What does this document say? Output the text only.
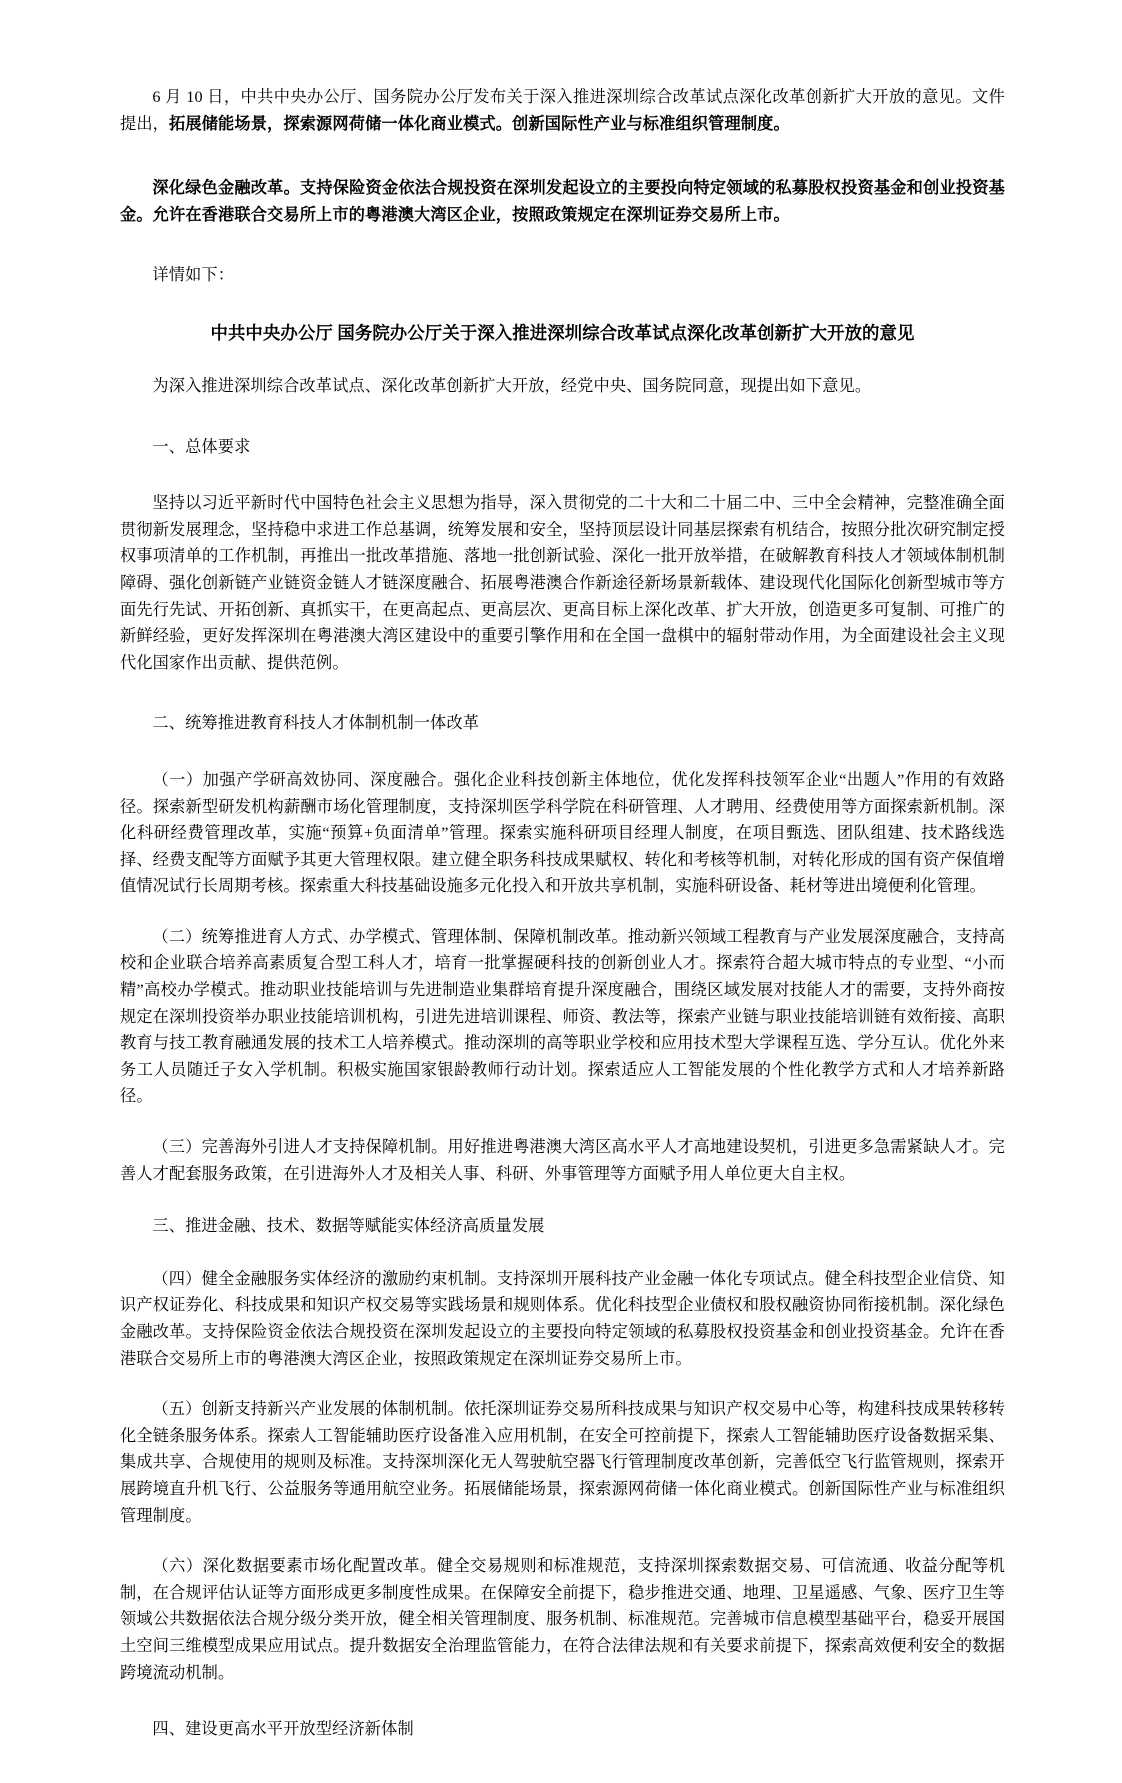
6 月 10 日，中共中央办公厅、国务院办公厅发布关于深入推进深圳综合改革试点深化改革创新扩大开放的意见。文件提出，拓展储能场景，探索源网荷储一体化商业模式。创新国际性产业与标准组织管理制度。

深化绿色金融改革。支持保险资金依法合规投资在深圳发起设立的主要投向特定领域的私募股权投资基金和创业投资基金。允许在香港联合交易所上市的粤港澳大湾区企业，按照政策规定在深圳证券交易所上市。

详情如下：

中共中央办公厅 国务院办公厅关于深入推进深圳综合改革试点深化改革创新扩大开放的意见

为深入推进深圳综合改革试点、深化改革创新扩大开放，经党中央、国务院同意，现提出如下意见。

一、总体要求

坚持以习近平新时代中国特色社会主义思想为指导，深入贯彻党的二十大和二十届二中、三中全会精神，完整准确全面贯彻新发展理念，坚持稳中求进工作总基调，统筹发展和安全，坚持顶层设计同基层探索有机结合，按照分批次研究制定授权事项清单的工作机制，再推出一批改革措施、落地一批创新试验、深化一批开放举措，在破解教育科技人才领域体制机制障碍、强化创新链产业链资金链人才链深度融合、拓展粤港澳合作新途径新场景新载体、建设现代化国际化创新型城市等方面先行先试、开拓创新、真抓实干，在更高起点、更高层次、更高目标上深化改革、扩大开放，创造更多可复制、可推广的新鲜经验，更好发挥深圳在粤港澳大湾区建设中的重要引擎作用和在全国一盘棋中的辐射带动作用，为全面建设社会主义现代化国家作出贡献、提供范例。

二、统筹推进教育科技人才体制机制一体改革

（一）加强产学研高效协同、深度融合。强化企业科技创新主体地位，优化发挥科技领军企业“出题人”作用的有效路径。探索新型研发机构薪酬市场化管理制度，支持深圳医学科学院在科研管理、人才聘用、经费使用等方面探索新机制。深化科研经费管理改革，实施“预算+负面清单”管理。探索实施科研项目经理人制度，在项目甄选、团队组建、技术路线选择、经费支配等方面赋予其更大管理权限。建立健全职务科技成果赋权、转化和考核等机制，对转化形成的国有资产保值增值情况试行长周期考核。探索重大科技基础设施多元化投入和开放共享机制，实施科研设备、耗材等进出境便利化管理。

（二）统筹推进育人方式、办学模式、管理体制、保障机制改革。推动新兴领域工程教育与产业发展深度融合，支持高校和企业联合培养高素质复合型工科人才，培育一批掌握硬科技的创新创业人才。探索符合超大城市特点的专业型、“小而精”高校办学模式。推动职业技能培训与先进制造业集群培育提升深度融合，围绕区域发展对技能人才的需要，支持外商按规定在深圳投资举办职业技能培训机构，引进先进培训课程、师资、教法等，探索产业链与职业技能培训链有效衔接、高职教育与技工教育融通发展的技术工人培养模式。推动深圳的高等职业学校和应用技术型大学课程互选、学分互认。优化外来务工人员随迁子女入学机制。积极实施国家银龄教师行动计划。探索适应人工智能发展的个性化教学方式和人才培养新路径。

（三）完善海外引进人才支持保障机制。用好推进粤港澳大湾区高水平人才高地建设契机，引进更多急需紧缺人才。完善人才配套服务政策，在引进海外人才及相关人事、科研、外事管理等方面赋予用人单位更大自主权。

三、推进金融、技术、数据等赋能实体经济高质量发展

（四）健全金融服务实体经济的激励约束机制。支持深圳开展科技产业金融一体化专项试点。健全科技型企业信贷、知识产权证券化、科技成果和知识产权交易等实践场景和规则体系。优化科技型企业债权和股权融资协同衔接机制。深化绿色金融改革。支持保险资金依法合规投资在深圳发起设立的主要投向特定领域的私募股权投资基金和创业投资基金。允许在香港联合交易所上市的粤港澳大湾区企业，按照政策规定在深圳证券交易所上市。

（五）创新支持新兴产业发展的体制机制。依托深圳证券交易所科技成果与知识产权交易中心等，构建科技成果转移转化全链条服务体系。探索人工智能辅助医疗设备准入应用机制，在安全可控前提下，探索人工智能辅助医疗设备数据采集、集成共享、合规使用的规则及标准。支持深圳深化无人驾驶航空器飞行管理制度改革创新，完善低空飞行监管规则，探索开展跨境直升机飞行、公益服务等通用航空业务。拓展储能场景，探索源网荷储一体化商业模式。创新国际性产业与标准组织管理制度。

（六）深化数据要素市场化配置改革。健全交易规则和标准规范，支持深圳探索数据交易、可信流通、收益分配等机制，在合规评估认证等方面形成更多制度性成果。在保障安全前提下，稳步推进交通、地理、卫星遥感、气象、医疗卫生等领域公共数据依法合规分级分类开放，健全相关管理制度、服务机制、标准规范。完善城市信息模型基础平台，稳妥开展国土空间三维模型成果应用试点。提升数据安全治理监管能力，在符合法律法规和有关要求前提下，探索高效便利安全的数据跨境流动机制。

四、建设更高水平开放型经济新体制
